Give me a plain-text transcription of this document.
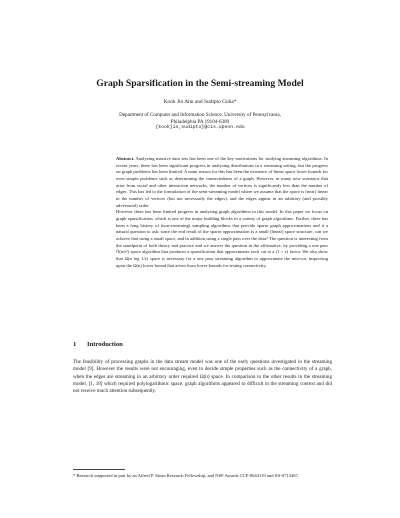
Graph Sparsification in the Semi-streaming Model
Kook Jin Ahn and Sudipto Guha*
Department of Computer and Information Science, University of Pennsylvania,
Philadelphia PA 19104-6389
{kookjin,sudipto}@cis.upenn.edu

Abstract. Analyzing massive data sets has been one of the key motivations for studying streaming algorithms. In recent years, there has been significant progress in analysing distributions in a streaming setting, but the progress on graph problems has been limited. A main reason for this has been the existence of linear space lower bounds for even simple problems such as determining the connectedness of a graph. However, in many new scenarios that arise from social and other interaction networks, the number of vertices is significantly less than the number of edges. This has led to the formulation of the semi-streaming model where we assume that the space is (near) linear in the number of vertices (but not necessarily the edges), and the edges appear in an arbitrary (and possibly adversarial) order.

However there has been limited progress in analysing graph algorithms in this model. In this paper we focus on graph sparsification, which is one of the major building blocks in a variety of graph algorithms. Further, there has been a long history of (non-streaming) sampling algorithms that provide sparse graph approximations and it a natural question to ask: since the end result of the sparse approximation is a small (linear) space structure, can we achieve that using a small space, and in addition using a single pass over the data? The question is interesting from the standpoint of both theory and practice and we answer the question in the affirmative, by providing a one pass Õ(n/ε²) space algorithm that produces a sparsification that approximates each cut to a (1 + ε) factor. We also show that Ω(n log 1/ε) space is necessary for a one pass streaming algorithm to approximate the min-cut, improving upon the Ω(n) lower bound that arises from lower bounds for testing connectivity.

1 Introduction

The feasibility of processing graphs in the data stream model was one of the early questions investigated in the streaming model [9]. However the results were not encouraging, even to decide simple properties such as the connectivity of a graph, when the edges are streaming in an arbitrary order required Ω(n) space. In comparison to the other results in the streaming model, [1, 18] which required polylogarithmic space, graph algorithms appeared to difficult in the streaming context and did not receive much attention subsequently.

* Research supported in part by an Alfred P. Sloan Research Fellowship, and NSF Awards CCF-0644119 and IIS-0713267.
